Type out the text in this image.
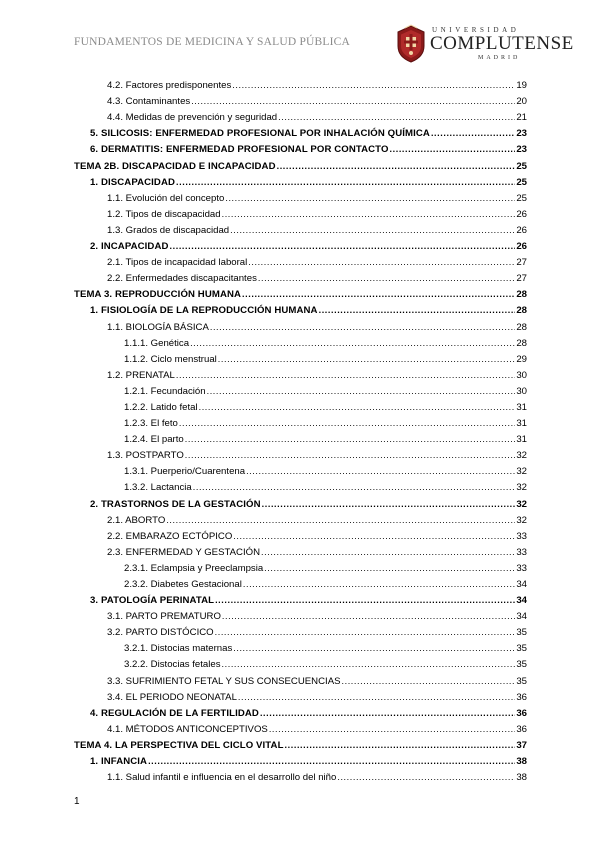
FUNDAMENTOS DE MEDICINA Y SALUD PÚBLICA
UNIVERSIDAD
COMPLUTENSE
MADRID
4.2. Factores predisponentes .....	19
4.3. Contaminantes .....	20
4.4. Medidas de prevención y seguridad .....	21
5. SILICOSIS: ENFERMEDAD PROFESIONAL POR INHALACIÓN QUÍMICA .....	23
6. DERMATITIS: ENFERMEDAD PROFESIONAL POR CONTACTO .....	23
TEMA 2B. DISCAPACIDAD E INCAPACIDAD .....	25
1. DISCAPACIDAD .....	25
1.1. Evolución del concepto .....	25
1.2. Tipos de discapacidad .....	26
1.3. Grados de discapacidad .....	26
2. INCAPACIDAD .....	26
2.1. Tipos de incapacidad laboral .....	27
2.2. Enfermedades discapacitantes .....	27
TEMA 3. REPRODUCCIÓN HUMANA .....	28
1. FISIOLOGÍA DE LA REPRODUCCIÓN HUMANA .....	28
1.1. BIOLOGÍA BÁSICA .....	28
1.1.1. Genética .....	28
1.1.2. Ciclo menstrual .....	29
1.2. PRENATAL .....	30
1.2.1. Fecundación .....	30
1.2.2. Latido fetal .....	31
1.2.3. El feto .....	31
1.2.4. El parto .....	31
1.3. POSTPARTO .....	32
1.3.1. Puerperio/Cuarentena .....	32
1.3.2. Lactancia .....	32
2. TRASTORNOS DE LA GESTACIÓN .....	32
2.1. ABORTO .....	32
2.2. EMBARAZO ECTÓPICO .....	33
2.3. ENFERMEDAD Y GESTACIÓN .....	33
2.3.1. Eclampsia y Preeclampsia .....	33
2.3.2. Diabetes Gestacional .....	34
3. PATOLOGÍA PERINATAL .....	34
3.1. PARTO PREMATURO .....	34
3.2. PARTO DISTÓCICO .....	35
3.2.1. Distocias maternas .....	35
3.2.2. Distocias fetales .....	35
3.3. SUFRIMIENTO FETAL Y SUS CONSECUENCIAS .....	35
3.4. EL PERIODO NEONATAL .....	36
4. REGULACIÓN DE LA FERTILIDAD .....	36
4.1. MÉTODOS ANTICONCEPTIVOS .....	36
TEMA 4. LA PERSPECTIVA DEL CICLO VITAL .....	37
1. INFANCIA .....	38
1.1. Salud infantil e influencia en el desarrollo del niño .....	38
1
